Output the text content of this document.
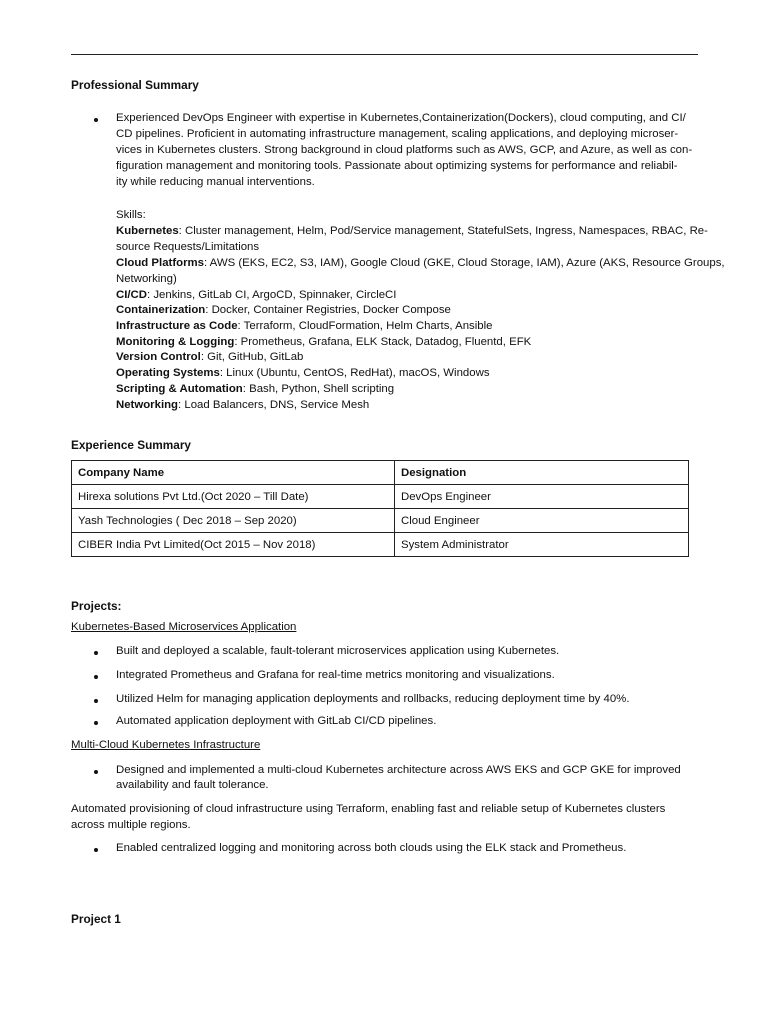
Professional Summary
Experienced DevOps Engineer with expertise in Kubernetes,Containerization(Dockers), cloud computing, and CI/
CD pipelines. Proficient in automating infrastructure management, scaling applications, and deploying microser-
vices in Kubernetes clusters. Strong background in cloud platforms such as AWS, GCP, and Azure, as well as con-
figuration management and monitoring tools. Passionate about optimizing systems for performance and reliabil-
ity while reducing manual interventions.
Skills:
Kubernetes: Cluster management, Helm, Pod/Service management, StatefulSets, Ingress, Namespaces, RBAC, Re-
source Requests/Limitations
Cloud Platforms: AWS (EKS, EC2, S3, IAM), Google Cloud (GKE, Cloud Storage, IAM), Azure (AKS, Resource Groups,
Networking)
CI/CD: Jenkins, GitLab CI, ArgoCD, Spinnaker, CircleCI
Containerization: Docker, Container Registries, Docker Compose
Infrastructure as Code: Terraform, CloudFormation, Helm Charts, Ansible
Monitoring & Logging: Prometheus, Grafana, ELK Stack, Datadog, Fluentd, EFK
Version Control: Git, GitHub, GitLab
Operating Systems: Linux (Ubuntu, CentOS, RedHat), macOS, Windows
Scripting & Automation: Bash, Python, Shell scripting
Networking: Load Balancers, DNS, Service Mesh
Experience Summary
Company Name	Designation
Hirexa solutions Pvt Ltd.(Oct 2020 – Till Date)	DevOps Engineer
Yash Technologies ( Dec 2018 – Sep 2020)	Cloud Engineer
CIBER India Pvt Limited(Oct 2015 – Nov 2018)	System Administrator
Projects:
Kubernetes-Based Microservices Application
Built and deployed a scalable, fault-tolerant microservices application using Kubernetes.
Integrated Prometheus and Grafana for real-time metrics monitoring and visualizations.
Utilized Helm for managing application deployments and rollbacks, reducing deployment time by 40%.
Automated application deployment with GitLab CI/CD pipelines.
Multi-Cloud Kubernetes Infrastructure
Designed and implemented a multi-cloud Kubernetes architecture across AWS EKS and GCP GKE for improved
availability and fault tolerance.
Automated provisioning of cloud infrastructure using Terraform, enabling fast and reliable setup of Kubernetes clusters
across multiple regions.
Enabled centralized logging and monitoring across both clouds using the ELK stack and Prometheus.
Project 1
